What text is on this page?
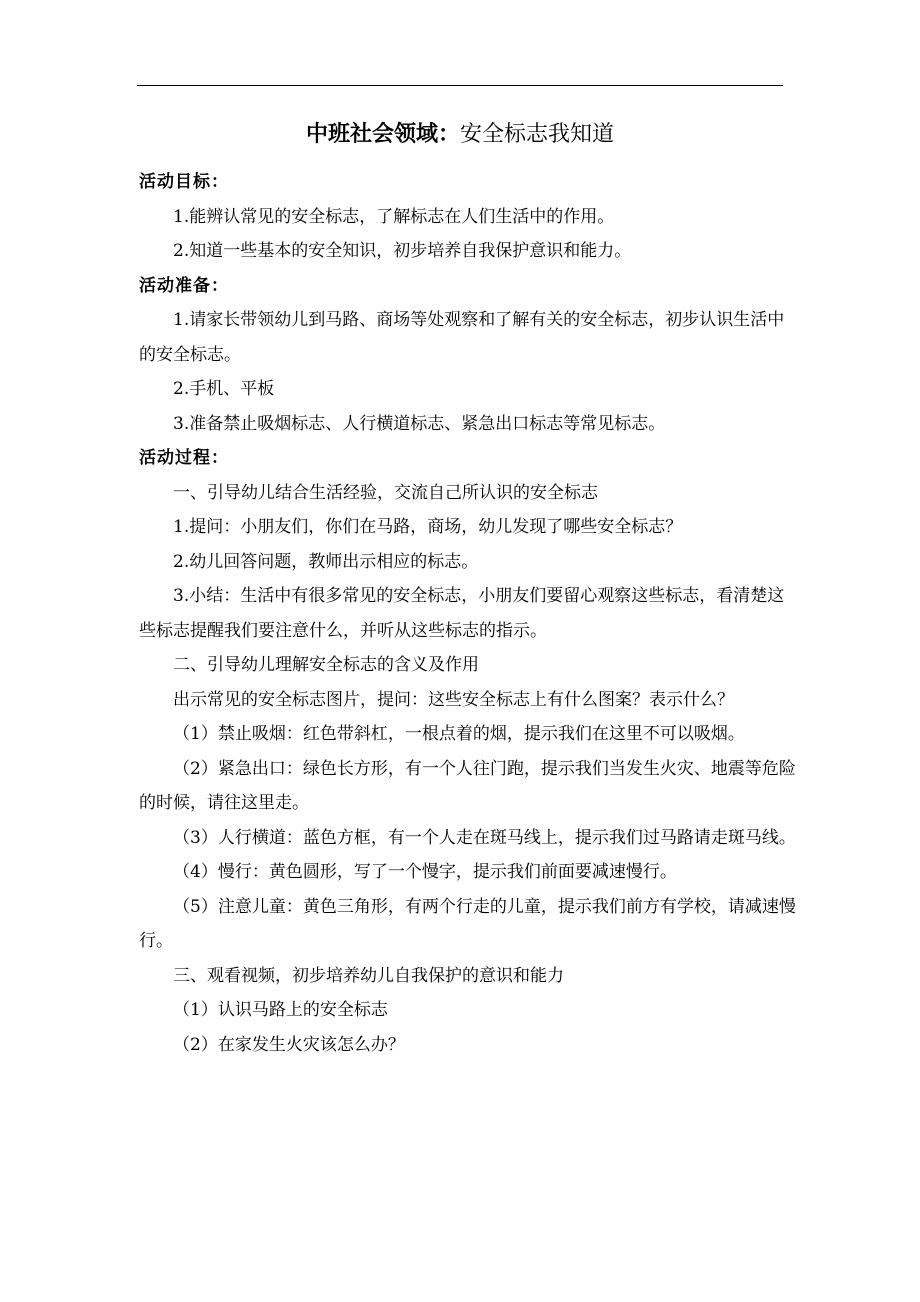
中班社会领域：安全标志我知道

活动目标：

1.能辨认常见的安全标志，了解标志在人们生活中的作用。

2.知道一些基本的安全知识，初步培养自我保护意识和能力。

活动准备：

1.请家长带领幼儿到马路、商场等处观察和了解有关的安全标志，初步认识生活中的安全标志。

2.手机、平板

3.准备禁止吸烟标志、人行横道标志、紧急出口标志等常见标志。

活动过程：

一、引导幼儿结合生活经验，交流自己所认识的安全标志

1.提问：小朋友们，你们在马路，商场，幼儿发现了哪些安全标志？

2.幼儿回答问题，教师出示相应的标志。

3.小结：生活中有很多常见的安全标志，小朋友们要留心观察这些标志，看清楚这些标志提醒我们要注意什么，并听从这些标志的指示。

二、引导幼儿理解安全标志的含义及作用

出示常见的安全标志图片，提问：这些安全标志上有什么图案？表示什么？

（1）禁止吸烟：红色带斜杠，一根点着的烟，提示我们在这里不可以吸烟。

（2）紧急出口：绿色长方形，有一个人往门跑，提示我们当发生火灾、地震等危险的时候，请往这里走。

（3）人行横道：蓝色方框，有一个人走在斑马线上，提示我们过马路请走斑马线。

（4）慢行：黄色圆形，写了一个慢字，提示我们前面要减速慢行。

（5）注意儿童：黄色三角形，有两个行走的儿童，提示我们前方有学校，请减速慢行。

三、观看视频，初步培养幼儿自我保护的意识和能力

（1）认识马路上的安全标志

（2）在家发生火灾该怎么办？
